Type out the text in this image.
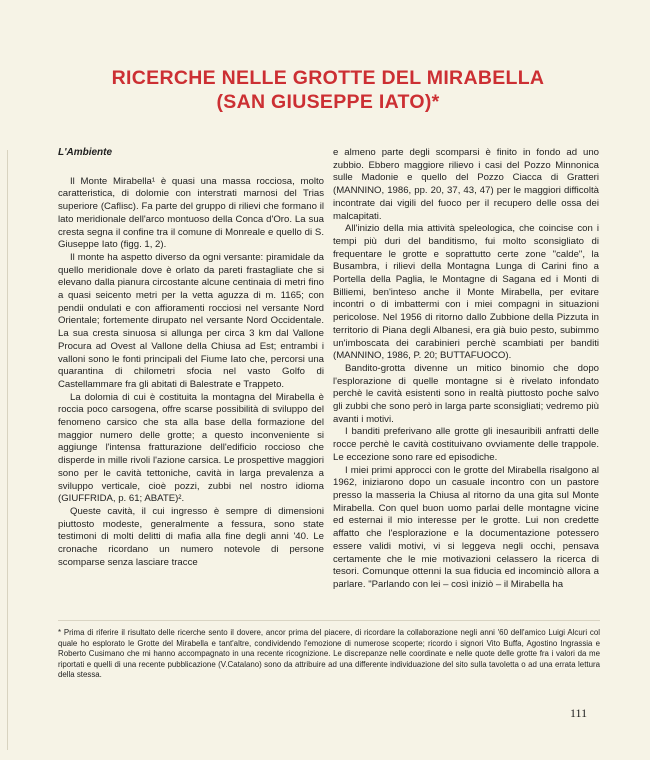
RICERCHE NELLE GROTTE DEL MIRABELLA
(SAN GIUSEPPE IATO)*
L'Ambiente

Il Monte Mirabella¹ è quasi una massa rocciosa, molto caratteristica, di dolomie con interstrati marnosi del Trias superiore (Caflisc). Fa parte del gruppo di rilievi che formano il lato meridionale dell'arco montuoso della Conca d'Oro. La sua cresta segna il confine tra il comune di Monreale e quello di S. Giuseppe Iato (figg. 1, 2).

Il monte ha aspetto diverso da ogni versante: piramidale da quello meridionale dove è orlato da pareti frastagliate che si elevano dalla pianura circostante alcune centinaia di metri fino a quasi seicento metri per la vetta aguzza di m. 1165; con pendii ondulati e con affioramenti rocciosi nel versante Nord Orientale; fortemente dirupato nel versante Nord Occidentale. La sua cresta sinuosa si allunga per circa 3 km dal Vallone Procura ad Ovest al Vallone della Chiusa ad Est; entrambi i valloni sono le fonti principali del Fiume Iato che, percorsi una quarantina di chilometri sfocia nel vasto Golfo di Castellammare fra gli abitati di Balestrate e Trappeto.

La dolomia di cui è costituita la montagna del Mirabella è roccia poco carsogena, offre scarse possibilità di sviluppo del fenomeno carsico che sta alla base della formazione del maggior numero delle grotte; a questo inconveniente si aggiunge l'intensa fratturazione dell'edificio roccioso che disperde in mille rivoli l'azione carsica. Le prospettive maggiori sono per le cavità tettoniche, cavità in larga prevalenza a sviluppo verticale, cioè pozzi, zubbi nel nostro idioma (GIUFFRIDA, p. 61; ABATE)².

Queste cavità, il cui ingresso è sempre di dimensioni piuttosto modeste, generalmente a fessura, sono state testimoni di molti delitti di mafia alla fine degli anni '40. Le cronache ricordano un numero notevole di persone scomparse senza lasciare tracce

e almeno parte degli scomparsi è finito in fondo ad uno zubbio. Ebbero maggiore rilievo i casi del Pozzo Minnonica sulle Madonie e quello del Pozzo Ciacca di Gratteri (MANNINO, 1986, pp. 20, 37, 43, 47) per le maggiori difficoltà incontrate dai vigili del fuoco per il recupero delle ossa dei malcapitati.

All'inizio della mia attività speleologica, che coincise con i tempi più duri del banditismo, fui molto sconsigliato di frequentare le grotte e soprattutto certe zone "calde", la Busambra, i rilievi della Montagna Lunga di Carini fino a Portella della Paglia, le Montagne di Sagana ed i Monti di Billiemi, ben'inteso anche il Monte Mirabella, per evitare incontri o di imbattermi con i miei compagni in situazioni pericolose. Nel 1956 di ritorno dallo Zubbione della Pizzuta in territorio di Piana degli Albanesi, era già buio pesto, subimmo un'imboscata dei carabinieri perchè scambiati per banditi (MANNINO, 1986, P. 20; BUTTAFUOCO).

Bandito-grotta divenne un mitico binomio che dopo l'esplorazione di quelle montagne si è rivelato infondato perchè le cavità esistenti sono in realtà piuttosto poche salvo gli zubbi che sono però in larga parte sconsigliati; vedremo più avanti i motivi.

I banditi preferivano alle grotte gli inesauribili anfratti delle rocce perchè le cavità costituivano ovviamente delle trappole. Le eccezione sono rare ed episodiche.

I miei primi approcci con le grotte del Mirabella risalgono al 1962, iniziarono dopo un casuale incontro con un pastore presso la masseria la Chiusa al ritorno da una gita sul Monte Mirabella. Con quel buon uomo parlai delle montagne vicine ed esternai il mio interesse per le grotte. Lui non credette affatto che l'esplorazione e la documentazione potessero essere validi motivi, vi si leggeva negli occhi, pensava certamente che le mie motivazioni celassero la ricerca di tesori. Comunque ottenni la sua fiducia ed incominciò allora a parlare. "Parlando con lei – così iniziò – il Mirabella ha

* Prima di riferire il risultato delle ricerche sento il dovere, ancor prima del piacere, di ricordare la collaborazione negli anni '60 dell'amico Luigi Alcuri col quale ho esplorato le Grotte del Mirabella e tant'altre, condividendo l'emozione di numerose scoperte; ricordo i signori Vito Buffa, Agostino Ingrassia e Roberto Cusimano che mi hanno accompagnato in una recente ricognizione. Le discrepanze nelle coordinate e nelle quote delle grotte fra i valori da me riportati e quelli di una recente pubblicazione (V.Catalano) sono da attribuire ad una differente individuazione del sito sulla tavoletta o ad una errata lettura della stessa.
111
